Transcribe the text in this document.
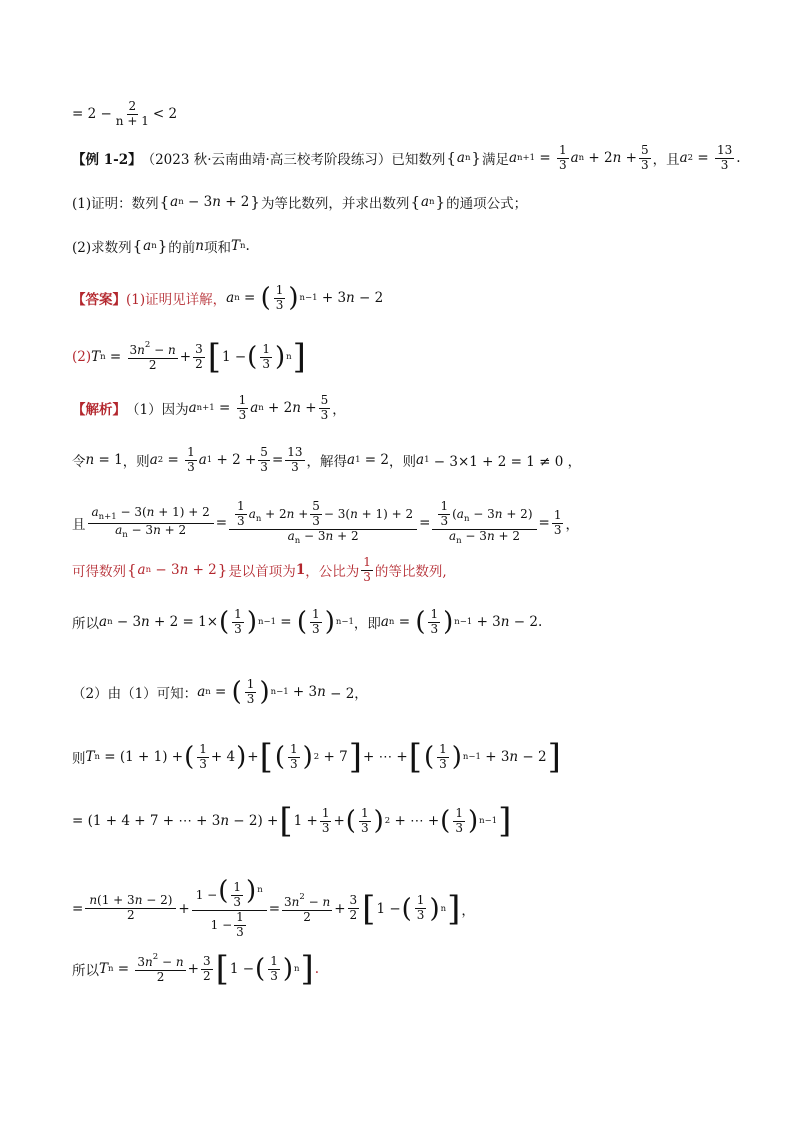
= $2 - \frac{2}{n + 1} < 2$
【例 1-2】 （2023 秋·云南曲靖·高三校考阶段练习） 已知数列 { a n } 满足 a $n+1 = \frac{1}{3}$ a n + 2 $n + \frac{5}{3}$ ，且 a $2 = \frac{13}{3}$ .
(1)证明：数列 { a n − 3 n + 2 } 为等比数列，并求出数列 { a n } 的通项公式；
(2)求数列 { a n } 的前 n 项和 T n .
【答案】 (1)证明见详解， a n = ( $\frac{1}{3}$ ) n−1 + 3 n − 2
(2) T $n = \frac{3n^2 - n}{2} + \frac{3}{2}$ [ 1 − ( $\frac{1}{3}$ ) n ]
【解析】 （1）因为 a $n+1 = \frac{1}{3}$ a n + 2 $n + \frac{5}{3}$ ，
令 n = 1 ，则 a $2 = \frac{1}{3}$ a $1 + 2 + \frac{5}{3} = \frac{13}{3}$ ，解得 a 1 = 2 ，则 a 1 − 3×1 + 2 = 1 ≠ 0 ，
且 $\frac{a_{n+1} - 3(n + 1) + 2}{a_n - 3n + 2} = \frac{\frac{1}{3} a_n + 2n + \frac{5}{3} - 3(n + 1) + 2}{a_n - 3n + 2} = \frac{\frac{1}{3} (a_n - 3n + 2)}{a_n - 3n + 2} = \frac{1}{3}$ ，
可得数列 { a n − 3 n + 2 } 是以首项为 1 ，公比为 $\frac{1}{3}$ 的等比数列,
所以 a n − 3 n + 2 = 1× ( $\frac{1}{3}$ ) n−1 = ( $\frac{1}{3}$ ) n−1 ，即 a n = ( $\frac{1}{3}$ ) n−1 + 3 n − 2.
（2）由（1）可知： a n = ( $\frac{1}{3}$ ) n−1 + 3 n − 2，
则 T n = (1 + 1) + ( $\frac{1}{3} + 4$ ) + [ ( $\frac{1}{3}$ ) 2 + 7 ] + ⋯ + [ ( $\frac{1}{3}$ ) n−1 + 3 n − 2 ]
= (1 + 4 + 7 + ⋯ + 3 n − 2) + [ $1 + \frac{1}{3}$ + ( $\frac{1}{3}$ ) 2 + ⋯ + ( $\frac{1}{3}$ ) n−1 ]
= $\frac{n(1 + 3n - 2)}{2} + \frac{1 -( \frac{1}{3} )^n}{1 - \frac{1}{3}} = \frac{3n^2 - n}{2} + \frac{3}{2}$ [ 1 − ( $\frac{1}{3}$ ) n ] ，
所以 T $n = \frac{3n^2 - n}{2} + \frac{3}{2}$ [ 1 − ( $\frac{1}{3}$ ) n ] .
